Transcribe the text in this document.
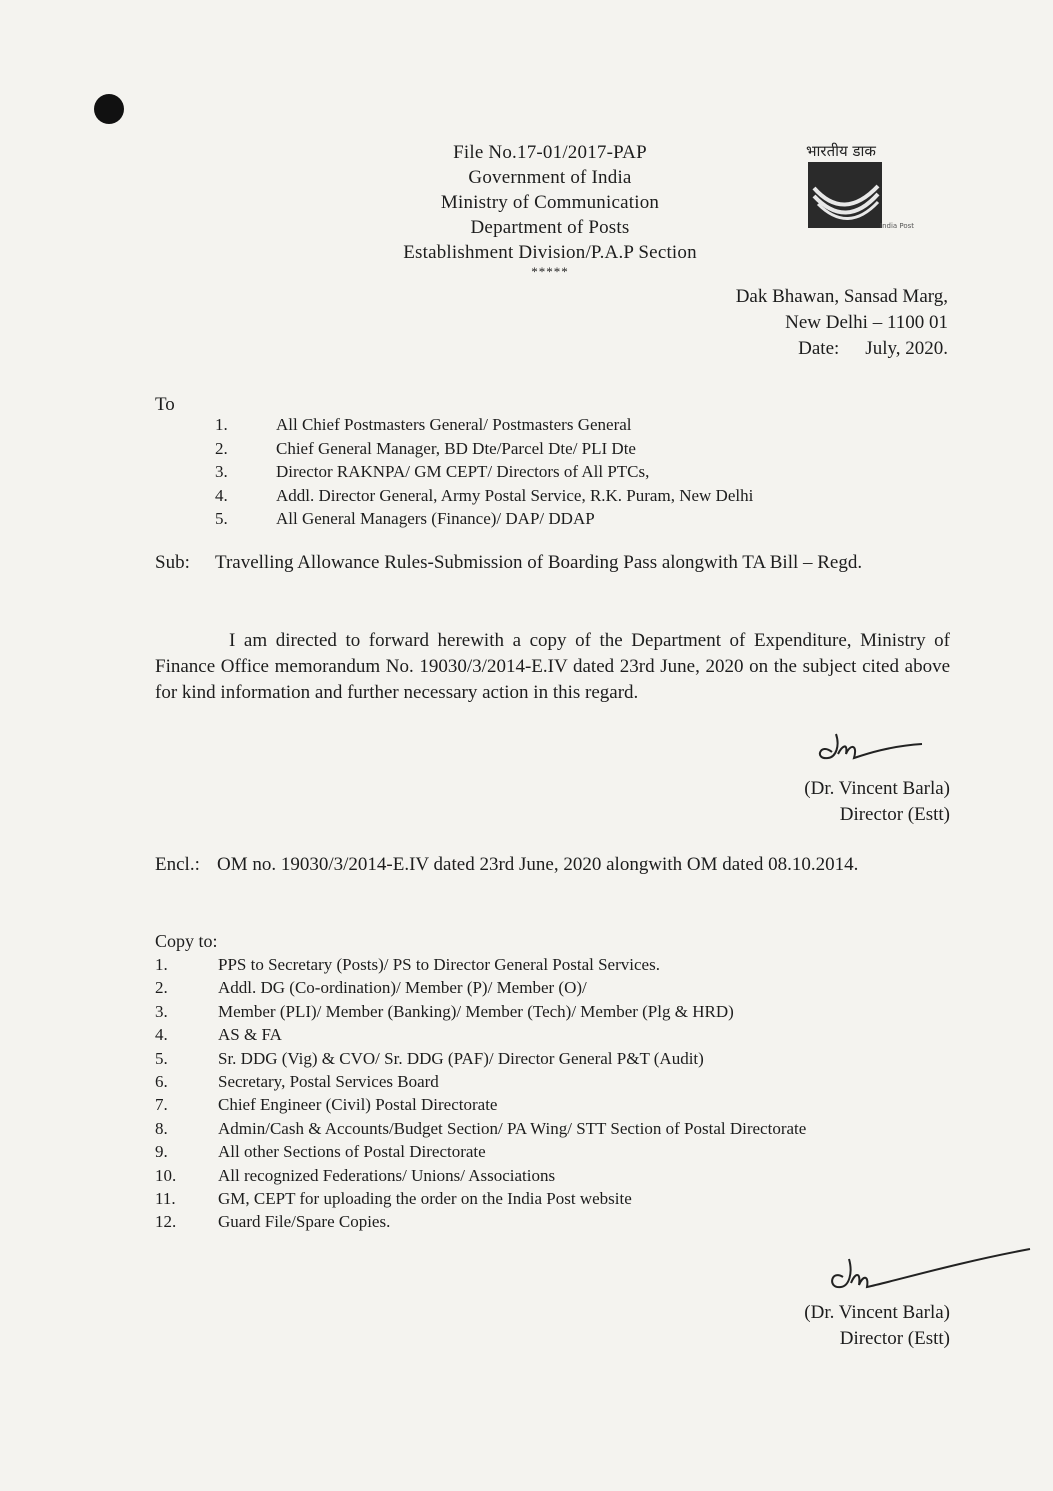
File No.17-01/2017-PAP
Government of India
Ministry of Communication
Department of Posts
Establishment Division/P.A.P Section
*****
भारतीय डाक
India Post
Dak Bhawan, Sansad Marg,
New Delhi – 1100 01
Date: July, 2020.
To
1.	All Chief Postmasters General/ Postmasters General
2.	Chief General Manager, BD Dte/Parcel Dte/ PLI Dte
3.	Director RAKNPA/ GM CEPT/ Directors of All PTCs,
4.	Addl. Director General, Army Postal Service, R.K. Puram, New Delhi
5.	All General Managers (Finance)/ DAP/ DDAP
Sub:	Travelling Allowance Rules-Submission of Boarding Pass alongwith TA Bill – Regd.
I am directed to forward herewith a copy of the Department of Expenditure, Ministry of Finance Office memorandum No. 19030/3/2014-E.IV dated 23rd June, 2020 on the subject cited above for kind information and further necessary action in this regard.
(Dr. Vincent Barla)
Director (Estt)
Encl.: OM no. 19030/3/2014-E.IV dated 23rd June, 2020 alongwith OM dated 08.10.2014.
Copy to:
1.	PPS to Secretary (Posts)/ PS to Director General Postal Services.
2.	Addl. DG (Co-ordination)/ Member (P)/ Member (O)/
3.	Member (PLI)/ Member (Banking)/ Member (Tech)/ Member (Plg & HRD)
4.	AS & FA
5.	Sr. DDG (Vig) & CVO/ Sr. DDG (PAF)/ Director General P&T (Audit)
6.	Secretary, Postal Services Board
7.	Chief Engineer (Civil) Postal Directorate
8.	Admin/Cash & Accounts/Budget Section/ PA Wing/ STT Section of Postal Directorate
9.	All other Sections of Postal Directorate
10.	All recognized Federations/ Unions/ Associations
11.	GM, CEPT for uploading the order on the India Post website
12.	Guard File/Spare Copies.
(Dr. Vincent Barla)
Director (Estt)
